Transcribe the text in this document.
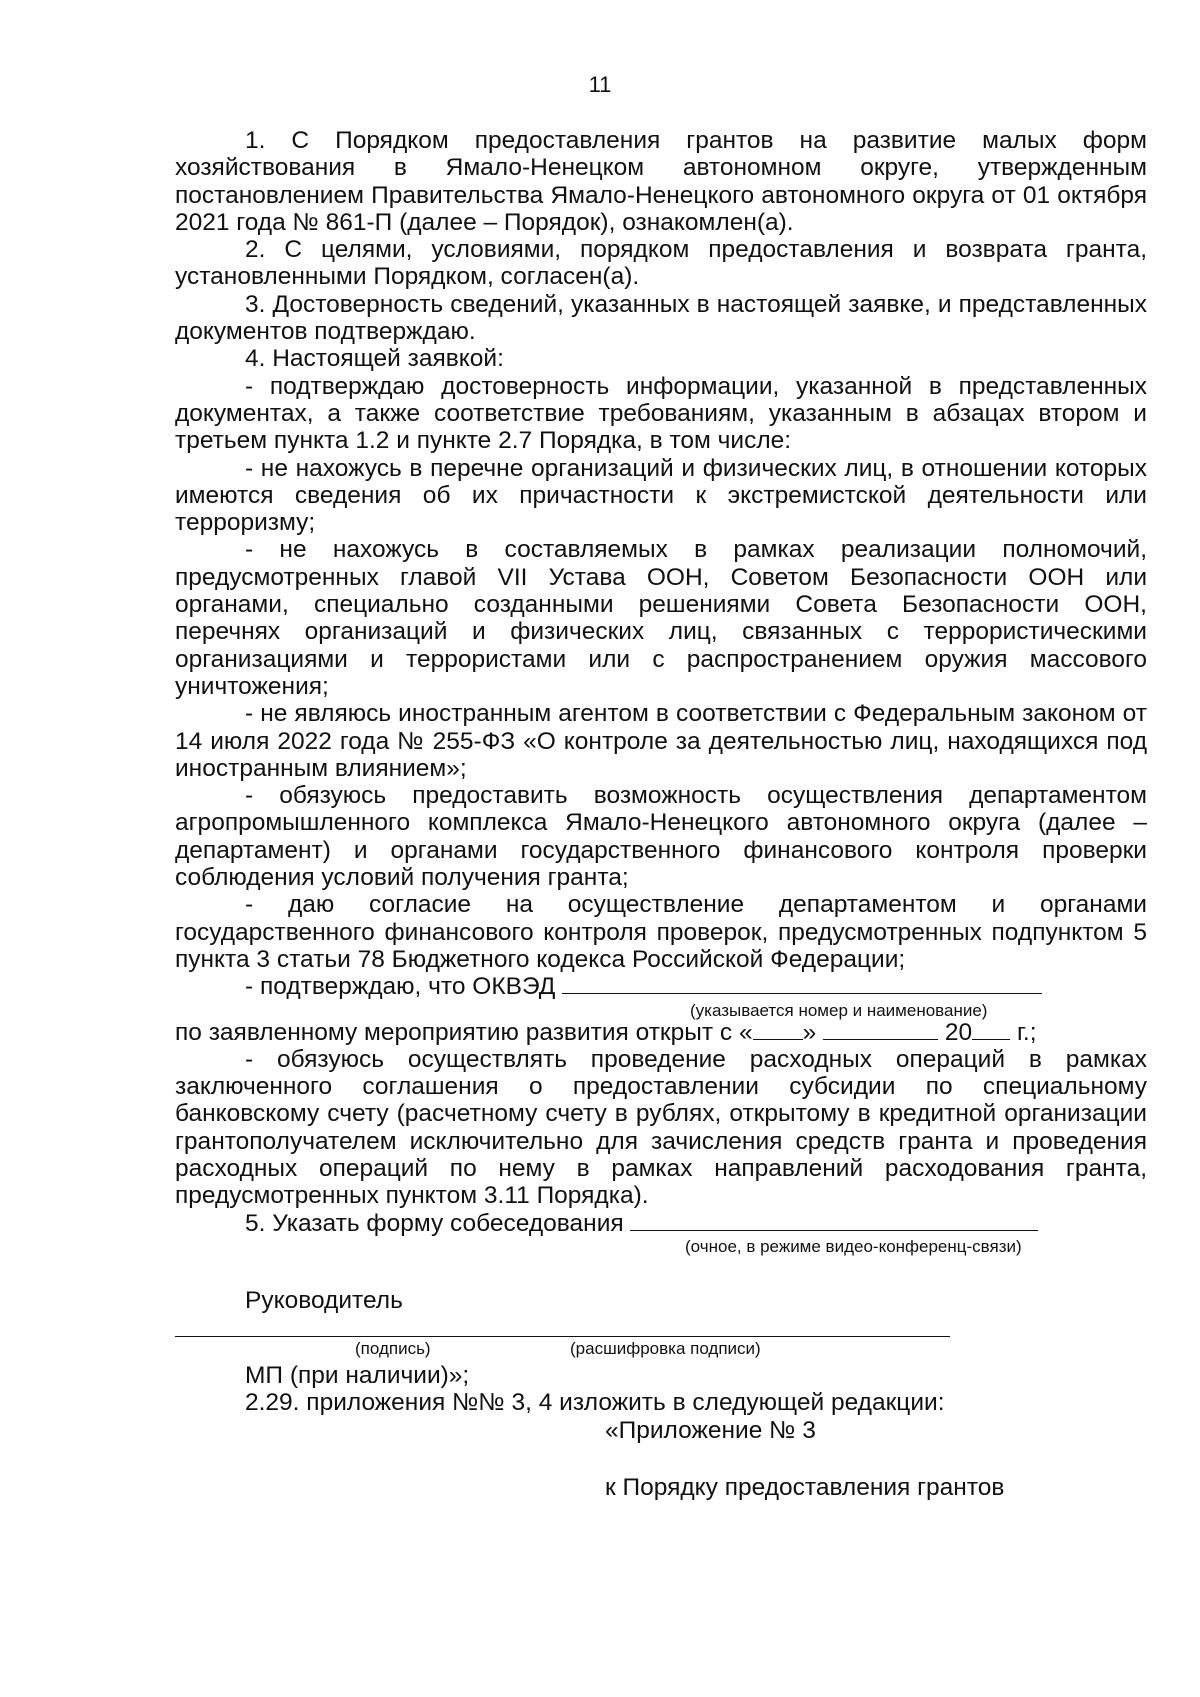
11

1. С Порядком предоставления грантов на развитие малых форм хозяйствования в Ямало-Ненецком автономном округе, утвержденным постановлением Правительства Ямало-Ненецкого автономного округа от 01 октября 2021 года № 861-П (далее – Порядок), ознакомлен(а).

2. С целями, условиями, порядком предоставления и возврата гранта, установленными Порядком, согласен(а).

3. Достоверность сведений, указанных в настоящей заявке, и представленных документов подтверждаю.

4. Настоящей заявкой:

- подтверждаю достоверность информации, указанной в представленных документах, а также соответствие требованиям, указанным в абзацах втором и третьем пункта 1.2 и пункте 2.7 Порядка, в том числе:

- не нахожусь в перечне организаций и физических лиц, в отношении которых имеются сведения об их причастности к экстремистской деятельности или терроризму;

- не нахожусь в составляемых в рамках реализации полномочий, предусмотренных главой VII Устава ООН, Советом Безопасности ООН или органами, специально созданными решениями Совета Безопасности ООН, перечнях организаций и физических лиц, связанных с террористическими организациями и террористами или с распространением оружия массового уничтожения;

- не являюсь иностранным агентом в соответствии с Федеральным законом от 14 июля 2022 года № 255-ФЗ «О контроле за деятельностью лиц, находящихся под иностранным влиянием»;

- обязуюсь предоставить возможность осуществления департаментом агропромышленного комплекса Ямало-Ненецкого автономного округа (далее – департамент) и органами государственного финансового контроля проверки соблюдения условий получения гранта;

- даю согласие на осуществление департаментом и органами государственного финансового контроля проверок, предусмотренных подпунктом 5 пункта 3 статьи 78 Бюджетного кодекса Российской Федерации;

- подтверждаю, что ОКВЭД

(указывается номер и наименование)

по заявленному мероприятию развития открыт с « »	20 г.;

- обязуюсь осуществлять проведение расходных операций в рамках заключенного соглашения о предоставлении субсидии по специальному банковскому счету (расчетному счету в рублях, открытому в кредитной организации грантополучателем исключительно для зачисления средств гранта и проведения расходных операций по нему в рамках направлений расходования гранта, предусмотренных пунктом 3.11 Порядка).

5. Указать форму собеседования

(очное, в режиме видео-конференц-связи)

Руководитель

(подпись)	(расшифровка подписи)

МП (при наличии)»;

2.29. приложения №№ 3, 4 изложить в следующей редакции:

«Приложение № 3

к Порядку предоставления грантов
